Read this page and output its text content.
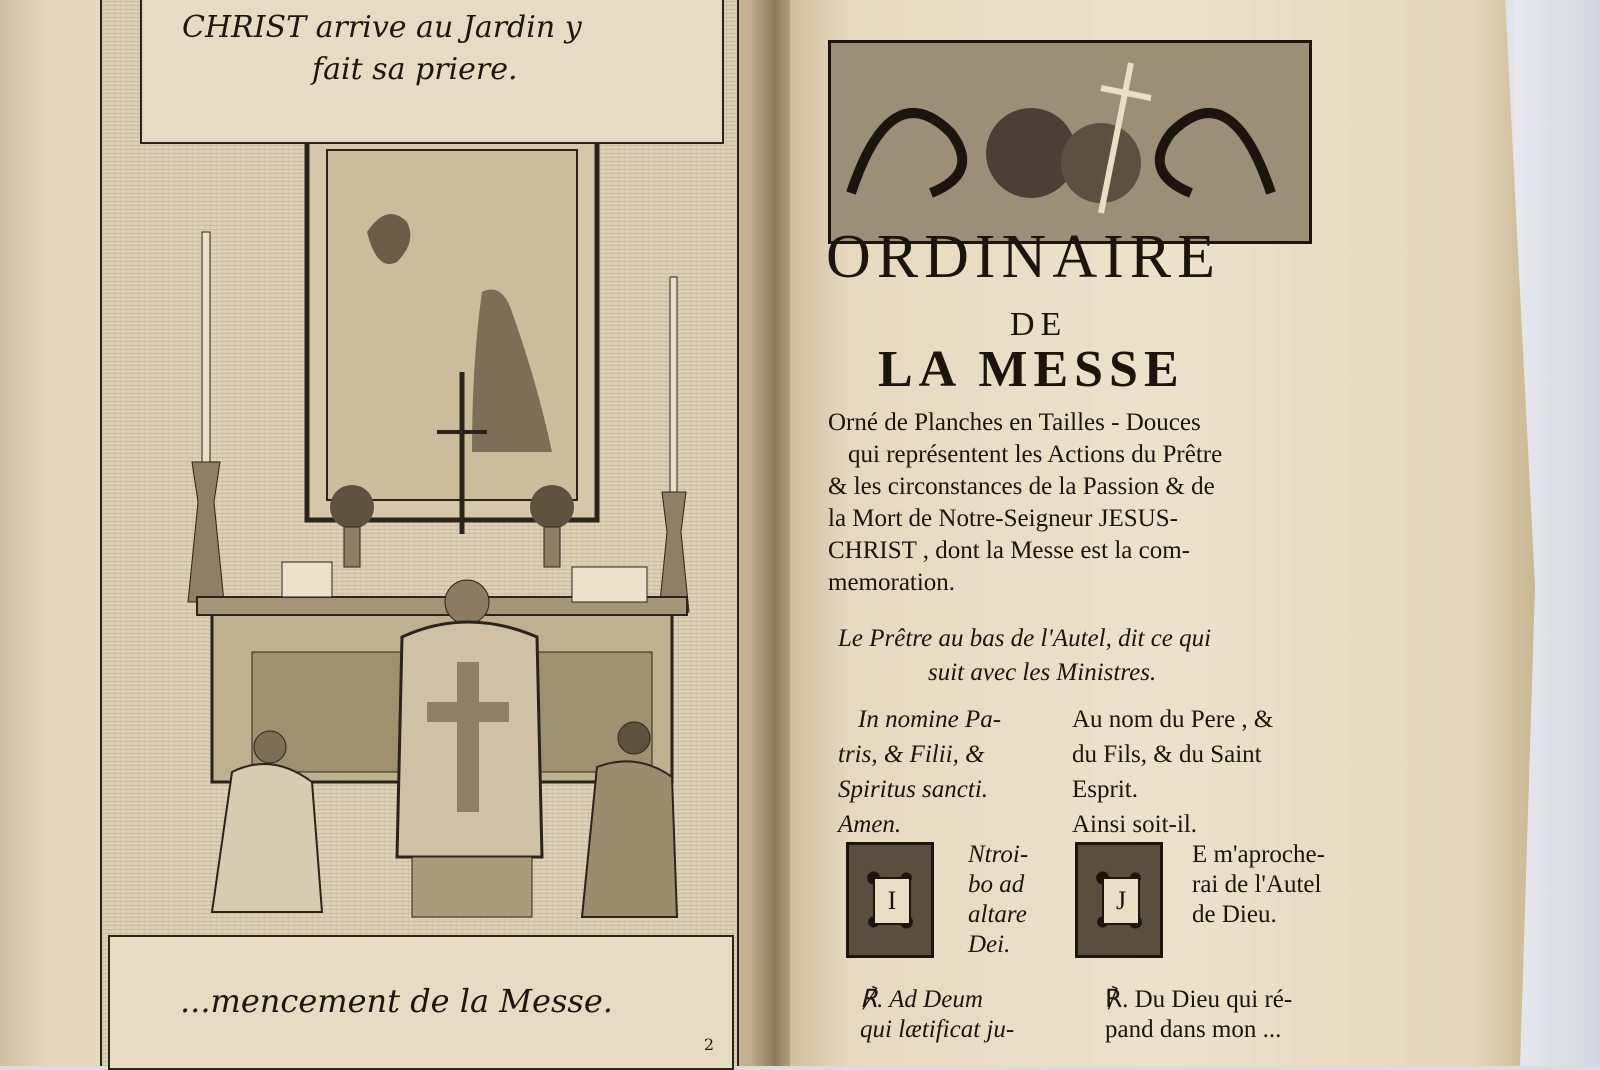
CHRIST arrive au Jardin y
fait sa priere.
...mencement de la Messe.
2
ORDINAIRE
DE
LA MESSE
Orné de Planches en Tailles - Douces
qui représentent les Actions du Prêtre
& les circonstances de la Passion & de
la Mort de Notre-Seigneur JESUS-
CHRIST , dont la Messe est la com-
memoration.
Le Prêtre au bas de l'Autel, dit ce qui
suit avec les Ministres.
In nomine Pa-
tris, & Filii, &
Spiritus sancti.
Amen.
Au nom du Pere , &
du Fils, & du Saint
Esprit.
Ainsi soit-il.
I	J
Ntroi-
bo ad
altare
Dei.
E m'aproche-
rai de l'Autel
de Dieu.
℟. Ad Deum
qui lætificat ju-
℟. Du Dieu qui ré-
pand dans mon ...
